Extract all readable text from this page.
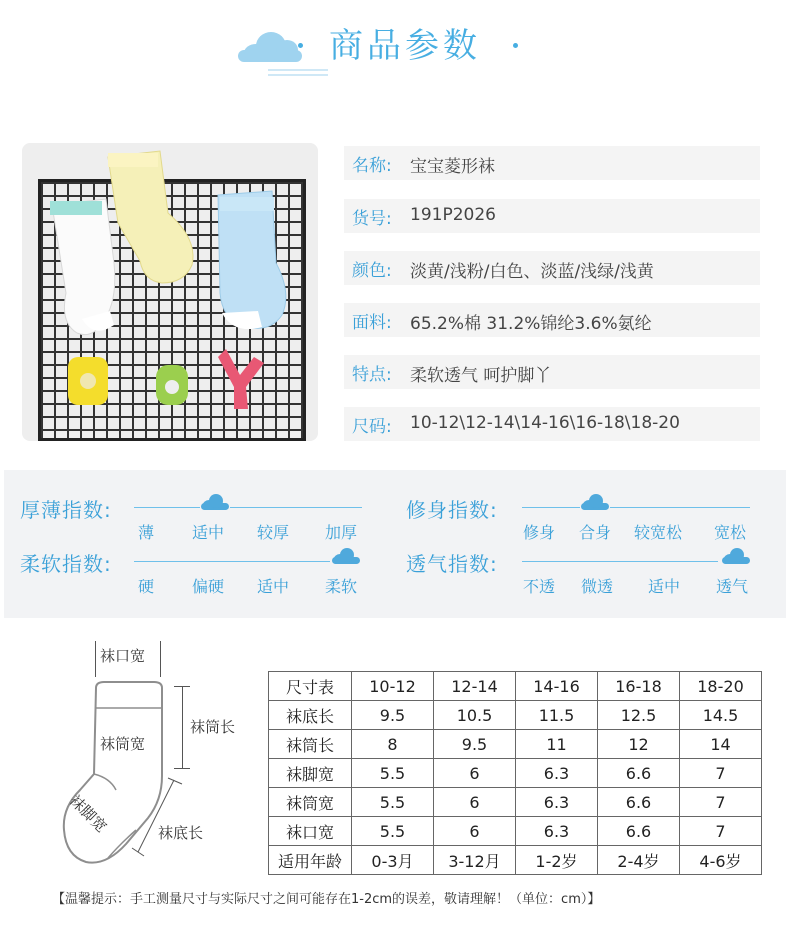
商品参数
名称: 宝宝菱形袜
货号: 191P2026
颜色: 淡黄/浅粉/白色、淡蓝/浅绿/浅黄
面料: 65.2%棉 31.2%锦纶3.6%氨纶
特点: 柔软透气 呵护脚丫
尺码: 10-12\12-14\14-16\16-18\18-20
厚薄指数:
薄 适中 较厚 加厚
修身指数:
修身 合身 较宽松 宽松
柔软指数:
硬 偏硬 适中 柔软
透气指数:
不透 微透 适中 透气
袜口宽
袜筒宽
袜脚宽
袜筒长
袜底长
尺寸表	10-12	12-14	14-16	16-18	18-20
袜底长	9.5	10.5	11.5	12.5	14.5
袜筒长	8	9.5	11	12	14
袜脚宽	5.5	6	6.3	6.6	7
袜筒宽	5.5	6	6.3	6.6	7
袜口宽	5.5	6	6.3	6.6	7
适用年龄	0-3月	3-12月	1-2岁	2-4岁	4-6岁
【温馨提示：手工测量尺寸与实际尺寸之间可能存在1-2cm的误差，敬请理解！（单位：cm）】
